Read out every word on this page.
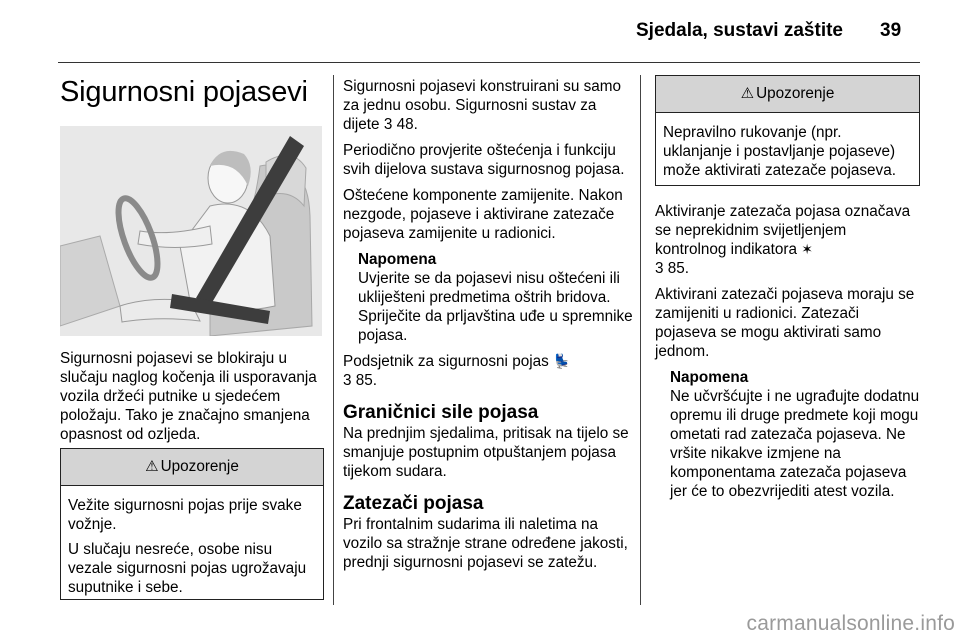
Sjedala, sustavi zaštite 39
Sigurnosni pojasevi

Sigurnosni pojasevi se blokiraju u slučaju naglog kočenja ili usporavanja vozila držeći putnike u sjedećem položaju. Tako je značajno smanjena opasnost od ozljeda.

⚠ Upozorenje

Vežite sigurnosni pojas prije svake vožnje.

U slučaju nesreće, osobe nisu vezale sigurnosni pojas ugrožavaju suputnike i sebe.

Sigurnosni pojasevi konstruirani su samo za jednu osobu. Sigurnosni sustav za dijete 3 48.

Periodično provjerite oštećenja i funkciju svih dijelova sustava sigurnosnog pojasa.

Oštećene komponente zamijenite. Nakon nezgode, pojaseve i aktivirane zatezače pojaseva zamijenite u radionici.

Napomena
Uvjerite se da pojasevi nisu oštećeni ili ukliješteni predmetima oštrih bridova. Spriječite da prljavština uđe u spremnike pojasa.

Podsjetnik za sigurnosni pojas 💺
3 85.

Graničnici sile pojasa

Na prednjim sjedalima, pritisak na tijelo se smanjuje postupnim otpuštanjem pojasa tijekom sudara.

Zatezači pojasa

Pri frontalnim sudarima ili naletima na vozilo sa stražnje strane određene jakosti, prednji sigurnosni pojasevi se zatežu.

⚠ Upozorenje

Nepravilno rukovanje (npr. uklanjanje i postavljanje pojaseve) može aktivirati zatezače pojaseva.

Aktiviranje zatezača pojasa označava se neprekidnim svijetljenjem kontrolnog indikatora ✶
3 85.

Aktivirani zatezači pojaseva moraju se zamijeniti u radionici. Zatezači pojaseva se mogu aktivirati samo jednom.

Napomena
Ne učvršćujte i ne ugrađujte dodatnu opremu ili druge predmete koji mogu ometati rad zatezača pojaseva. Ne vršite nikakve izmjene na komponentama zatezača pojaseva jer će to obezvrijediti atest vozila.
carmanualsonline.info
